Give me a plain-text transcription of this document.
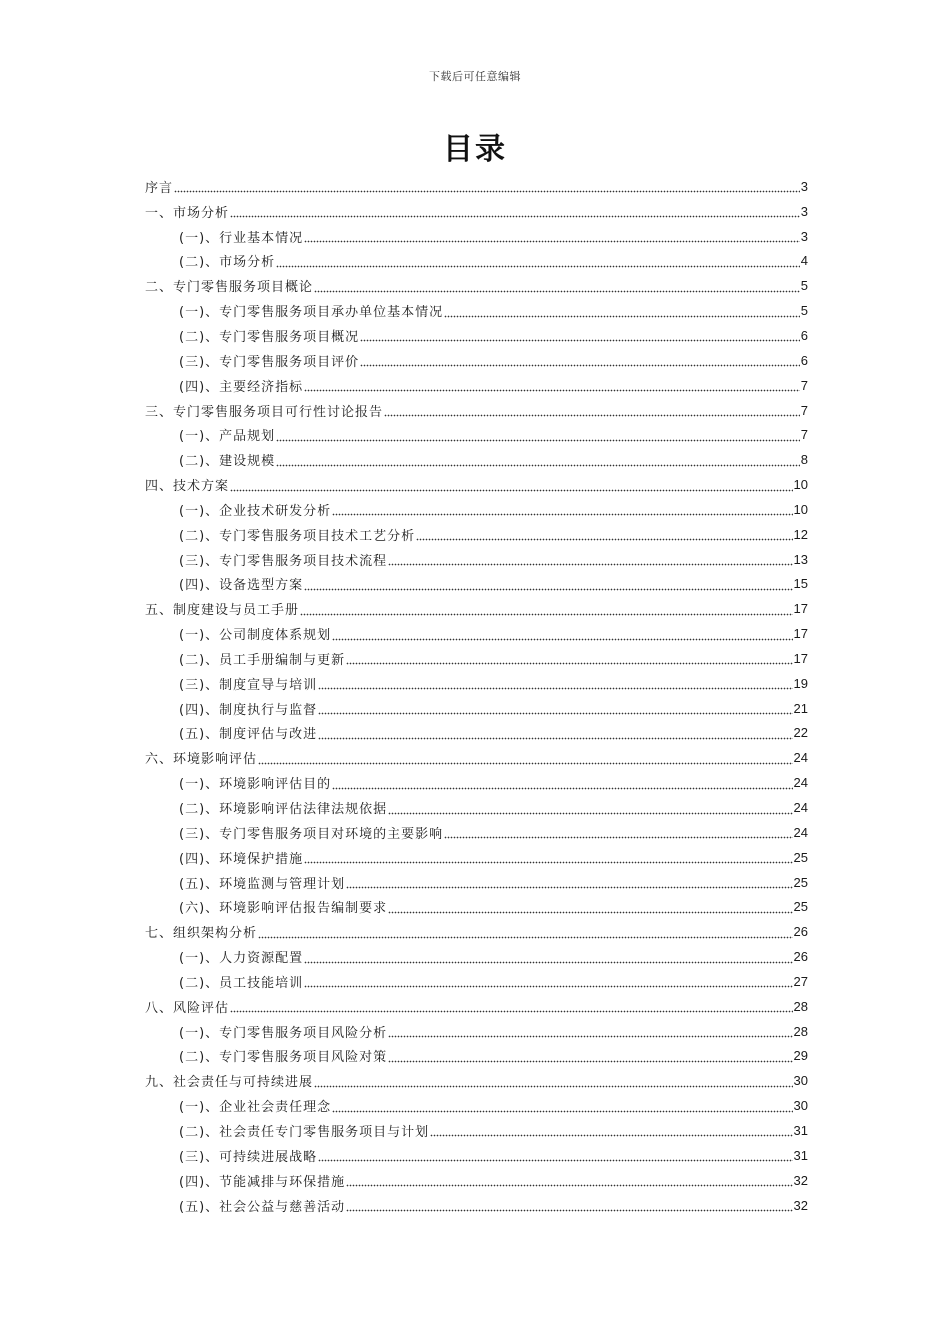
下载后可任意编辑
目录
序言	3
一、市场分析	3
(一)、行业基本情况	3
(二)、市场分析	4
二、专门零售服务项目概论	5
(一)、专门零售服务项目承办单位基本情况	5
(二)、专门零售服务项目概况	6
(三)、专门零售服务项目评价	6
(四)、主要经济指标	7
三、专门零售服务项目可行性讨论报告	7
(一)、产品规划	7
(二)、建设规模	8
四、技术方案	10
(一)、企业技术研发分析	10
(二)、专门零售服务项目技术工艺分析	12
(三)、专门零售服务项目技术流程	13
(四)、设备选型方案	15
五、制度建设与员工手册	17
(一)、公司制度体系规划	17
(二)、员工手册编制与更新	17
(三)、制度宣导与培训	19
(四)、制度执行与监督	21
(五)、制度评估与改进	22
六、环境影响评估	24
(一)、环境影响评估目的	24
(二)、环境影响评估法律法规依据	24
(三)、专门零售服务项目对环境的主要影响	24
(四)、环境保护措施	25
(五)、环境监测与管理计划	25
(六)、环境影响评估报告编制要求	25
七、组织架构分析	26
(一)、人力资源配置	26
(二)、员工技能培训	27
八、风险评估	28
(一)、专门零售服务项目风险分析	28
(二)、专门零售服务项目风险对策	29
九、社会责任与可持续进展	30
(一)、企业社会责任理念	30
(二)、社会责任专门零售服务项目与计划	31
(三)、可持续进展战略	31
(四)、节能减排与环保措施	32
(五)、社会公益与慈善活动	32
